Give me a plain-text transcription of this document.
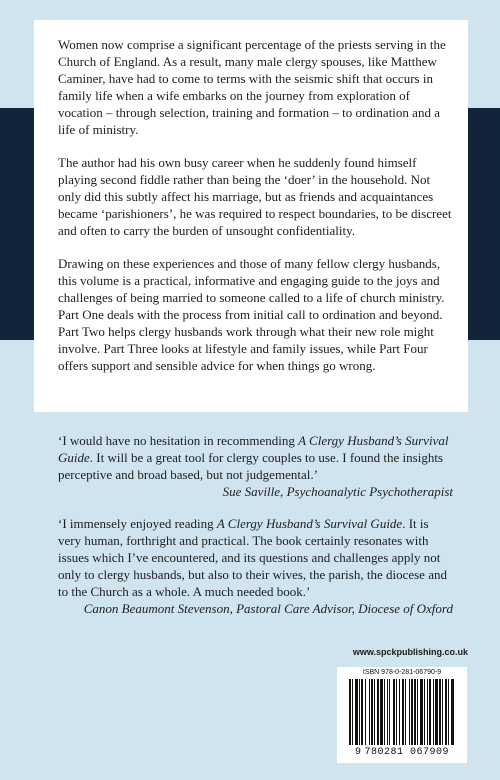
Women now comprise a significant percentage of the priests serving in the Church of England. As a result, many male clergy spouses, like Matthew Caminer, have had to come to terms with the seismic shift that occurs in family life when a wife embarks on the journey from exploration of vocation – through selection, training and formation – to ordination and a life of ministry.

The author had his own busy career when he suddenly found himself playing second fiddle rather than being the ‘doer’ in the household. Not only did this subtly affect his marriage, but as friends and acquaintances became ‘parishioners’, he was required to respect boundaries, to be discreet and often to carry the burden of unsought confidentiality.

Drawing on these experiences and those of many fellow clergy husbands, this volume is a practical, informative and engaging guide to the joys and challenges of being married to someone called to a life of church ministry. Part One deals with the process from initial call to ordination and beyond. Part Two helps clergy husbands work through what their new role might involve. Part Three looks at lifestyle and family issues, while Part Four offers support and sensible advice for when things go wrong.

‘I would have no hesitation in recommending A Clergy Husband’s Survival Guide. It will be a great tool for clergy couples to use. I found the insights perceptive and broad based, but not judgemental.’

Sue Saville, Psychoanalytic Psychotherapist

‘I immensely enjoyed reading A Clergy Husband’s Survival Guide. It is very human, forthright and practical. The book certainly resonates with issues which I’ve encountered, and its questions and challenges apply not only to clergy husbands, but also to their wives, the parish, the diocese and to the Church as a whole. A much needed book.’

Canon Beaumont Stevenson, Pastoral Care Advisor, Diocese of Oxford

www.spckpublishing.co.uk
ISBN 978-0-281-06790-9
9 780281 067909
